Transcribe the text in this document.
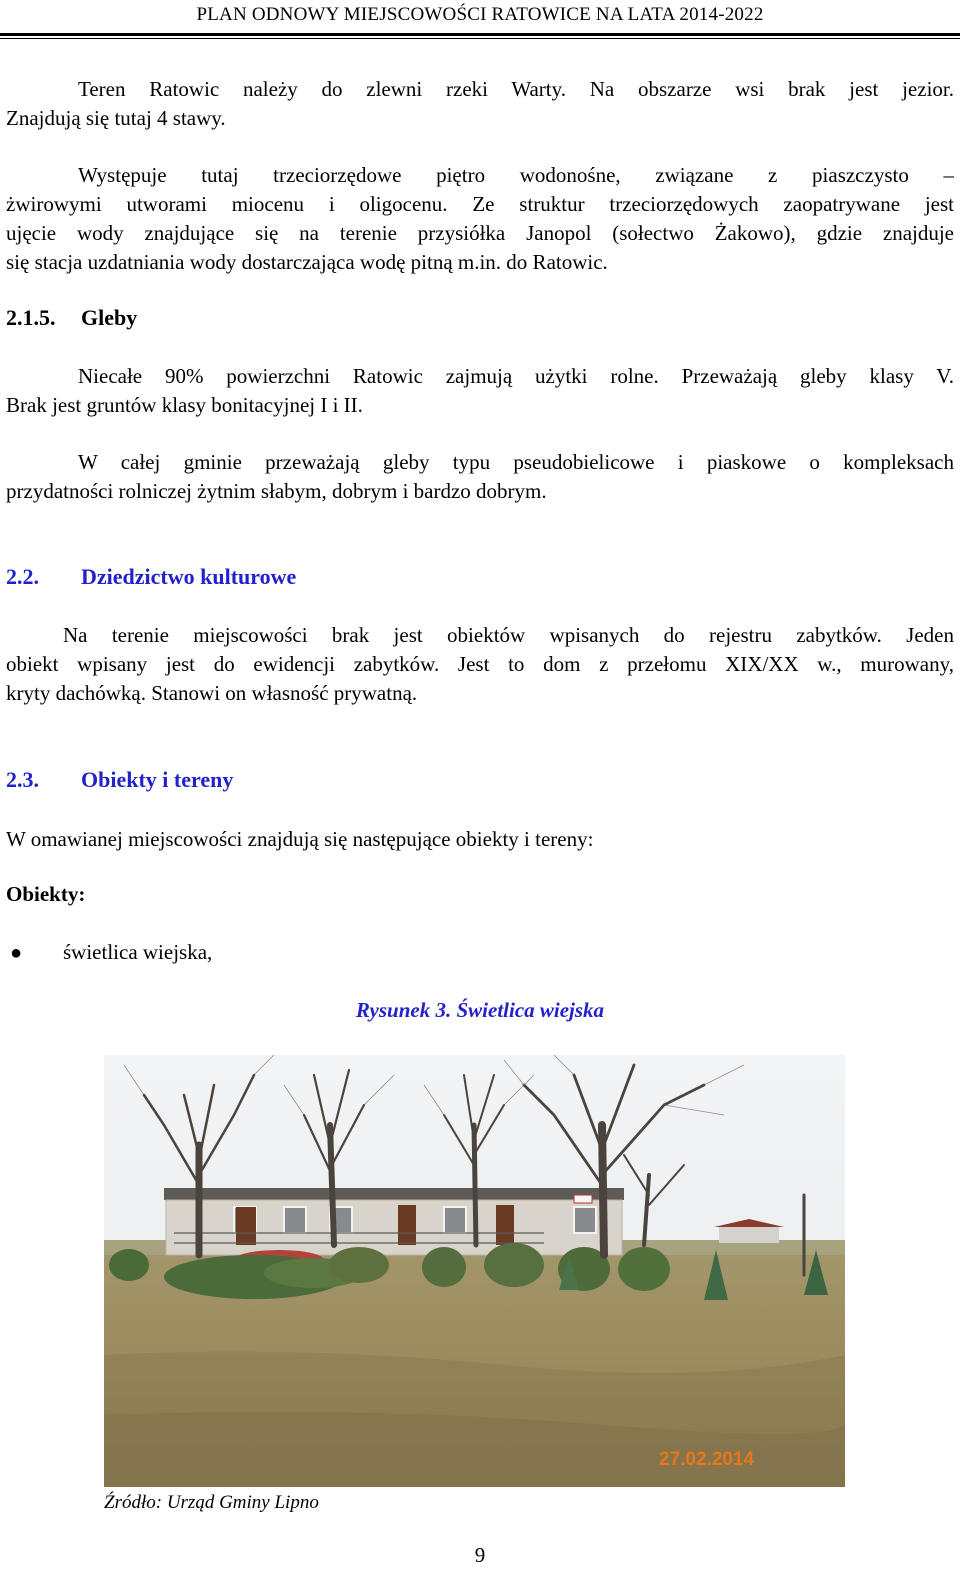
PLAN ODNOWY MIEJSCOWOŚCI RATOWICE NA LATA 2014-2022
Teren Ratowic należy do zlewni rzeki Warty. Na obszarze wsi brak jest jezior.
Znajdują się tutaj 4 stawy.
Występuje tutaj trzeciorzędowe piętro wodonośne, związane z piaszczysto –
żwirowymi utworami miocenu i oligocenu. Ze struktur trzeciorzędowych zaopatrywane jest
ujęcie wody znajdujące się na terenie przysiółka Janopol (sołectwo Żakowo), gdzie znajduje
się stacja uzdatniania wody dostarczająca wodę pitną m.in. do Ratowic.
2.1.5. Gleby
Niecałe 90% powierzchni Ratowic zajmują użytki rolne. Przeważają gleby klasy V.
Brak jest gruntów klasy bonitacyjnej I i II.
W całej gminie przeważają gleby typu pseudobielicowe i piaskowe o kompleksach
przydatności rolniczej żytnim słabym, dobrym i bardzo dobrym.
2.2. Dziedzictwo kulturowe
Na terenie miejscowości brak jest obiektów wpisanych do rejestru zabytków. Jeden
obiekt wpisany jest do ewidencji zabytków. Jest to dom z przełomu XIX/XX w., murowany,
kryty dachówką. Stanowi on własność prywatną.
2.3. Obiekty i tereny
W omawianej miejscowości znajdują się następujące obiekty i tereny:
Obiekty:
● świetlica wiejska,
Rysunek 3. Świetlica wiejska
27.02.2014
Źródło: Urząd Gminy Lipno
9
